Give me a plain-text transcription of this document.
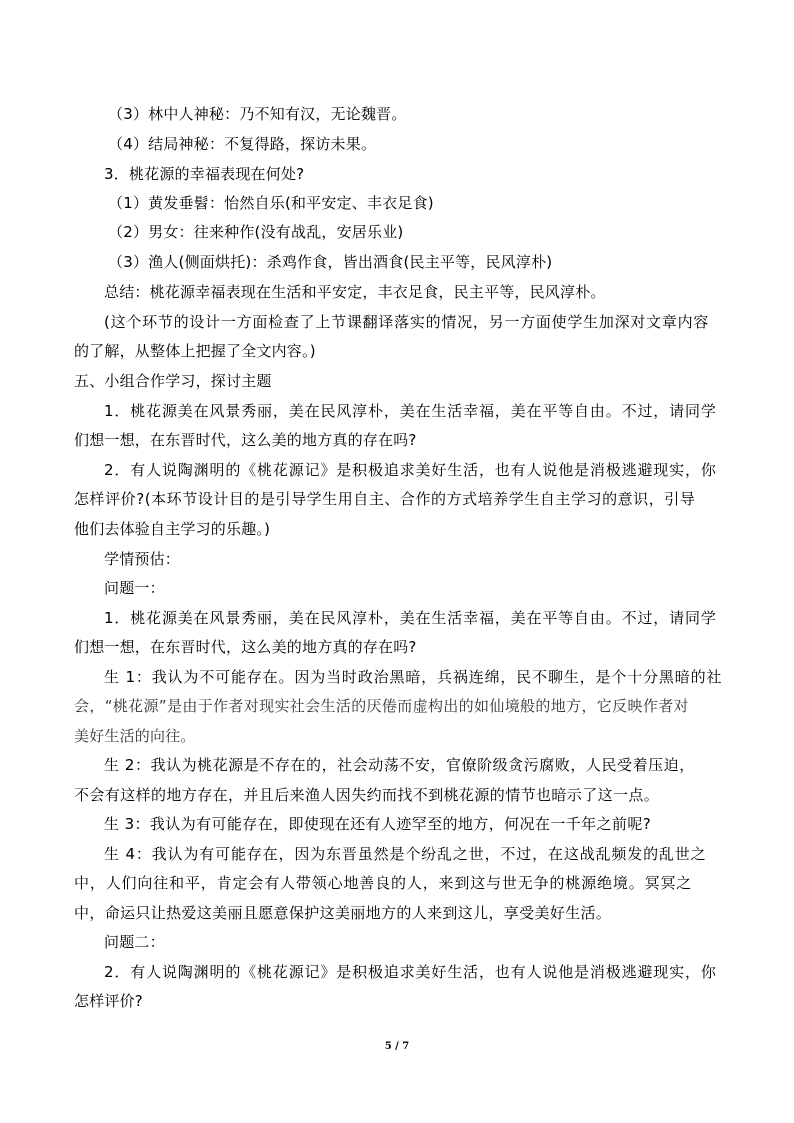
（3）林中人神秘：乃不知有汉，无论魏晋。
（4）结局神秘：不复得路，探访未果。
3．桃花源的幸福表现在何处?
（1）黄发垂髫：怡然自乐(和平安定、丰衣足食)
（2）男女：往来种作(没有战乱，安居乐业)
（3）渔人(侧面烘托)：杀鸡作食，皆出酒食(民主平等，民风淳朴)
总结：桃花源幸福表现在生活和平安定，丰衣足食，民主平等，民风淳朴。
(这个环节的设计一方面检查了上节课翻译落实的情况，另一方面使学生加深对文章内容
的了解，从整体上把握了全文内容。)
五、小组合作学习，探讨主题
1．桃花源美在风景秀丽，美在民风淳朴，美在生活幸福，美在平等自由。不过，请同学
们想一想，在东晋时代，这么美的地方真的存在吗?
2．有人说陶渊明的《桃花源记》是积极追求美好生活，也有人说他是消极逃避现实，你
怎样评价?(本环节设计目的是引导学生用自主、合作的方式培养学生自主学习的意识，引导
他们去体验自主学习的乐趣。)
学情预估：
问题一：
1．桃花源美在风景秀丽，美在民风淳朴，美在生活幸福，美在平等自由。不过，请同学
们想一想，在东晋时代，这么美的地方真的存在吗?
生 1：我认为不可能存在。因为当时政治黑暗，兵祸连绵，民不聊生，是个十分黑暗的社
会，“桃花源”是由于作者对现实社会生活的厌倦而虚构出的如仙境般的地方，它反映作者对
美好生活的向往。
生 2：我认为桃花源是不存在的，社会动荡不安，官僚阶级贪污腐败，人民受着压迫，
不会有这样的地方存在，并且后来渔人因失约而找不到桃花源的情节也暗示了这一点。
生 3：我认为有可能存在，即使现在还有人迹罕至的地方，何况在一千年之前呢?
生 4：我认为有可能存在，因为东晋虽然是个纷乱之世，不过，在这战乱频发的乱世之
中，人们向往和平，肯定会有人带领心地善良的人，来到这与世无争的桃源绝境。冥冥之
中，命运只让热爱这美丽且愿意保护这美丽地方的人来到这儿，享受美好生活。
问题二：
2．有人说陶渊明的《桃花源记》是积极追求美好生活，也有人说他是消极逃避现实，你
怎样评价?
5 / 7
